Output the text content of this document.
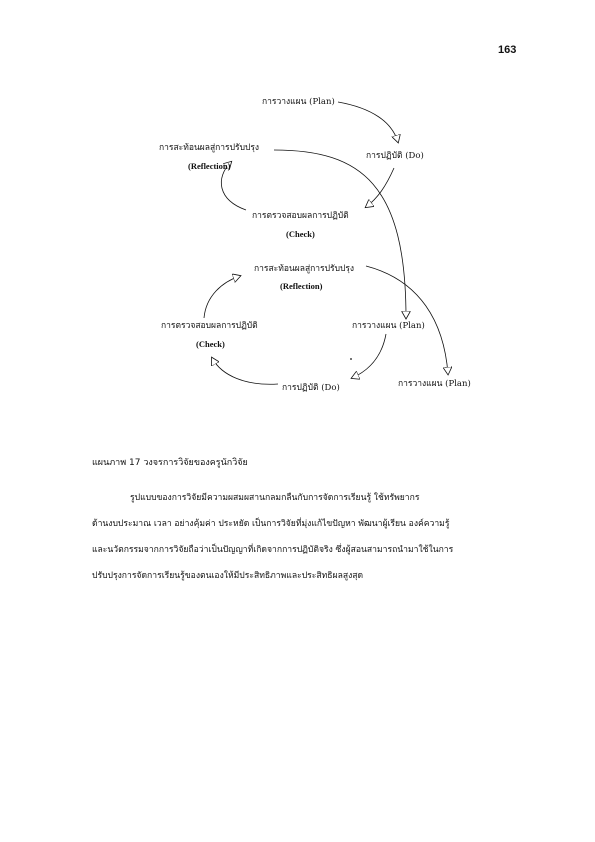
163
การวางแผน (Plan)
การปฏิบัติ (Do)
การตรวจสอบผลการปฏิบัติ
(Check)
การสะท้อนผลสู่การปรับปรุง
(Reflection)
การสะท้อนผลสู่การปรับปรุง
(Reflection)
การวางแผน (Plan)
การปฏิบัติ (Do)
การตรวจสอบผลการปฏิบัติ
(Check)
การวางแผน (Plan)
แผนภาพ 17 วงจรการวิจัยของครูนักวิจัย
รูปแบบของการวิจัยมีความผสมผสานกลมกลืนกับการจัดการเรียนรู้ ใช้ทรัพยากร
ด้านงบประมาณ เวลา อย่างคุ้มค่า ประหยัด เป็นการวิจัยที่มุ่งแก้ไขปัญหา พัฒนาผู้เรียน องค์ความรู้
และนวัตกรรมจากการวิจัยถือว่าเป็นปัญญาที่เกิดจากการปฏิบัติจริง ซึ่งผู้สอนสามารถนำมาใช้ในการ
ปรับปรุงการจัดการเรียนรู้ของตนเองให้มีประสิทธิภาพและประสิทธิผลสูงสุด
